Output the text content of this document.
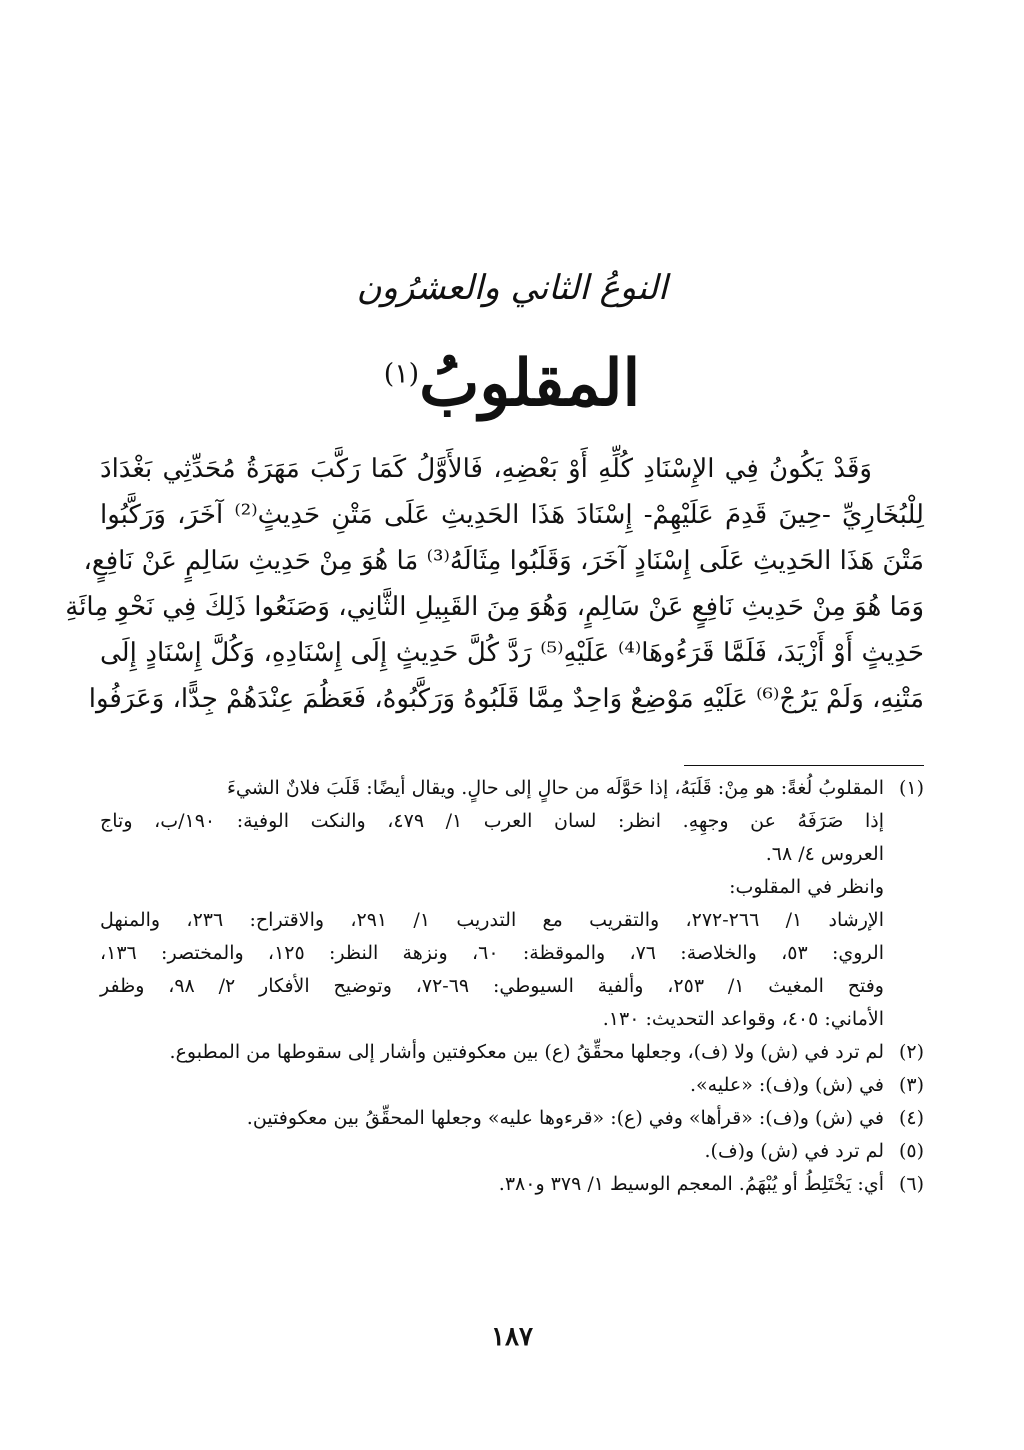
النوعُ الثاني والعشرُون
المقلوبُ$^{(١)}$
وَقَدْ يَكُونُ فِي الإِسْنَادِ كُلِّهِ أَوْ بَعْضِهِ، فَالأَوَّلُ كَمَا رَكَّبَ مَهَرَةُ مُحَدِّثِي بَغْدَادَ
لِلْبُخَارِيِّ -حِينَ قَدِمَ عَلَيْهِمْ- إِسْنَادَ هَذَا الحَدِيثِ عَلَى مَتْنِ حَدِيثٍ⁽²⁾ آخَرَ، وَرَكَّبُوا
مَتْنَ هَذَا الحَدِيثِ عَلَى إِسْنَادٍ آخَرَ، وَقَلَبُوا مِثَالَهُ⁽³⁾ مَا هُوَ مِنْ حَدِيثِ سَالِمٍ عَنْ نَافِعٍ،
وَمَا هُوَ مِنْ حَدِيثِ نَافِعٍ عَنْ سَالِمٍ، وَهُوَ مِنَ القَبِيلِ الثَّانِي، وَصَنَعُوا ذَلِكَ فِي نَحْوِ مِائَةِ
حَدِيثٍ أَوْ أَزْيَدَ، فَلَمَّا قَرَءُوهَا⁽⁴⁾ عَلَيْهِ⁽⁵⁾ رَدَّ كُلَّ حَدِيثٍ إِلَى إِسْنَادِهِ، وَكُلَّ إِسْنَادٍ إِلَى
مَتْنِهِ، وَلَمْ يَرُجْ⁽⁶⁾ عَلَيْهِ مَوْضِعٌ وَاحِدٌ مِمَّا قَلَبُوهُ وَرَكَّبُوهُ، فَعَظُمَ عِنْدَهُمْ جِدًّا، وَعَرَفُوا
(١)المقلوبُ لُغةً: هو مِنْ: قَلَبَهُ، إذا حَوَّلَه من حالٍ إلى حالٍ. ويقال أيضًا: قَلَبَ فلانٌ الشيءَ
إذا صَرَفَهُ عن وجهِهِ. انظر: لسان العرب ١/ ٤٧٩، والنكت الوفية: ١٩٠/ب، وتاج
العروس ٤/ ٦٨.
وانظر في المقلوب:
الإرشاد ١/ ٢٦٦-٢٧٢، والتقريب مع التدريب ١/ ٢٩١، والاقتراح: ٢٣٦، والمنهل
الروي: ٥٣، والخلاصة: ٧٦، والموقظة: ٦٠، ونزهة النظر: ١٢٥، والمختصر: ١٣٦،
وفتح المغيث ١/ ٢٥٣، وألفية السيوطي: ٦٩-٧٢، وتوضيح الأفكار ٢/ ٩٨، وظفر
الأماني: ٤٠٥، وقواعد التحديث: ١٣٠.
(٢)لم ترد في (ش) ولا (ف)، وجعلها محقِّقُ (ع) بين معكوفتين وأشار إلى سقوطها من المطبوع.
(٣)في (ش) و(ف): «عليه».
(٤)في (ش) و(ف): «قرأها» وفي (ع): «قرءوها عليه» وجعلها المحقِّقُ بين معكوفتين.
(٥)لم ترد في (ش) و(ف).
(٦)أي: يَخْتَلِطُ أو يُبْهَمُ. المعجم الوسيط ١/ ٣٧٩ و٣٨٠.
١٨٧
